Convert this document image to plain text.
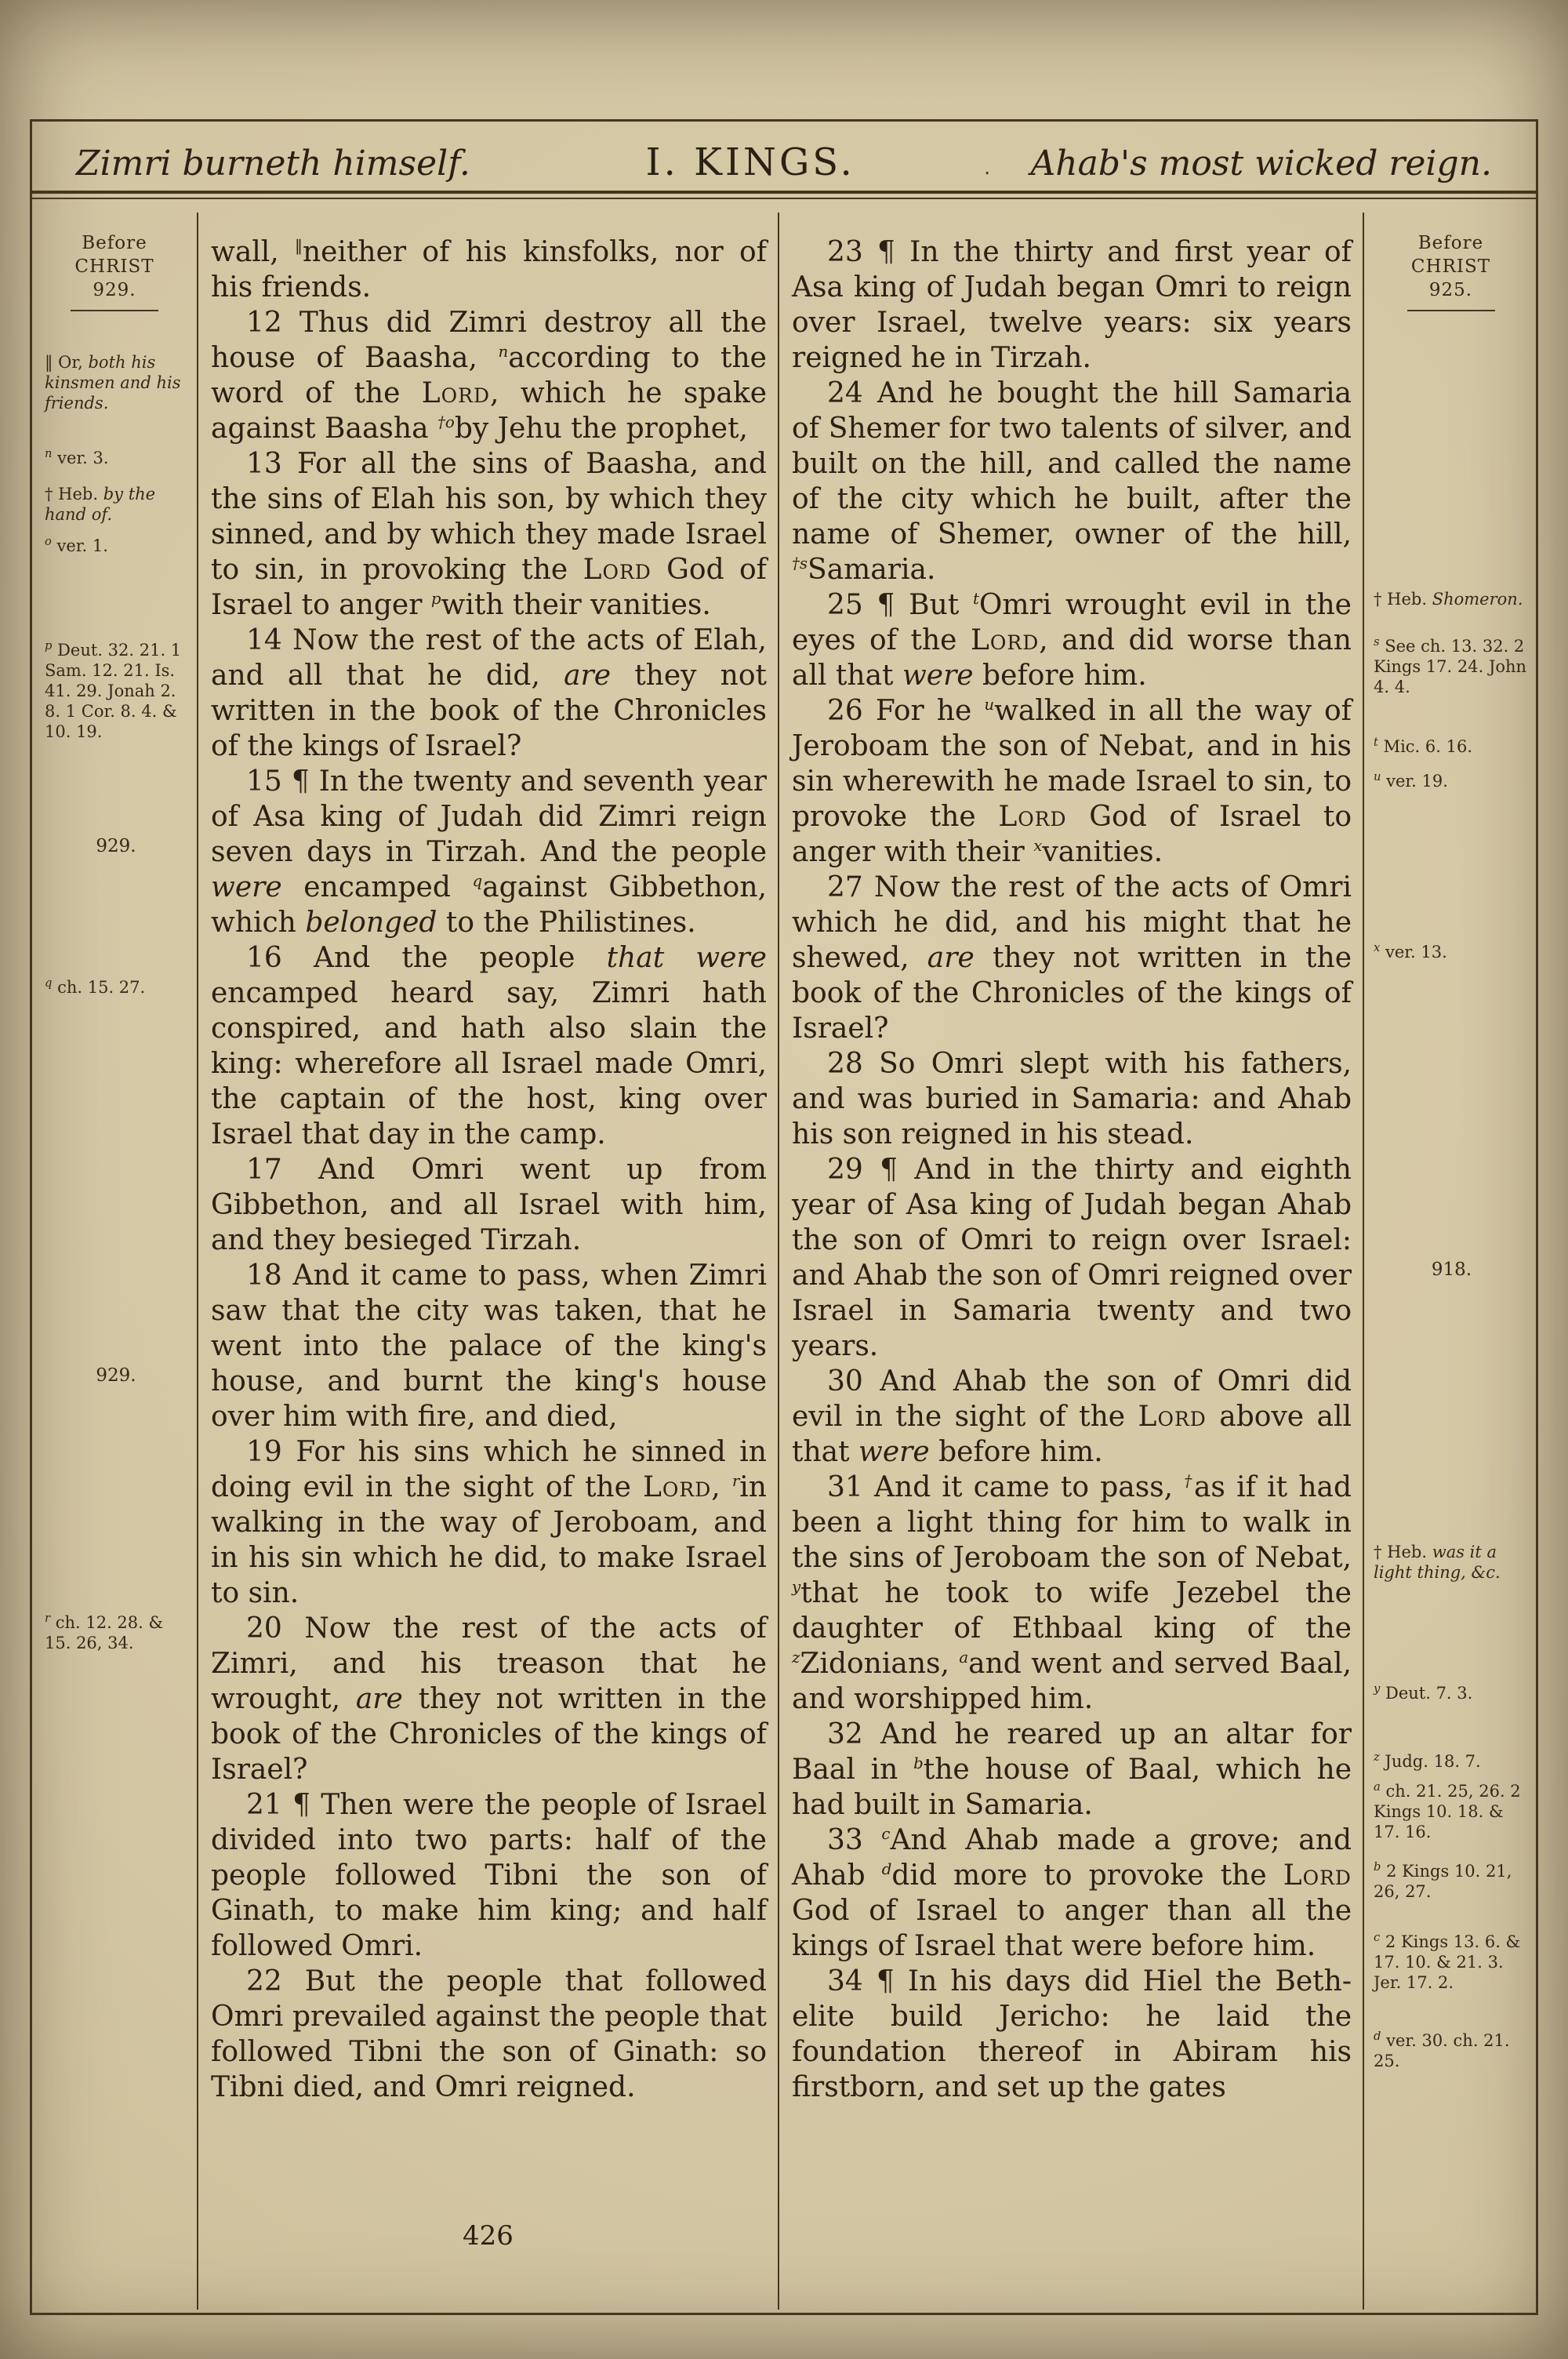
Zimri burneth himself.	I. KINGS.	Ahab's most wicked reign.
‧
Before
CHRIST
929.
‖ Or, both his kinsmen and his friends.
$^n$ ver. 3.
† Heb. by the hand of.
$^o$ ver. 1.
$^p$ Deut. 32. 21. 1 Sam. 12. 21. Is. 41. 29. Jonah 2. 8. 1 Cor. 8. 4. & 10. 19.
929.
$^q$ ch. 15. 27.
929.
$^r$ ch. 12. 28. & 15. 26, 34.

wall, ‖neither of his kinsfolks, nor of his friends.

12 Thus did Zimri destroy all the house of Baasha, $^n$according to the word of the Lord, which he spake against Baasha $^{\dagger o}$by Jehu the prophet,

13 For all the sins of Baasha, and the sins of Elah his son, by which they sinned, and by which they made Israel to sin, in provoking the Lord God of Israel to anger $^p$with their vanities.

14 Now the rest of the acts of Elah, and all that he did, are they not written in the book of the Chronicles of the kings of Israel?

15 ¶ In the twenty and seventh year of Asa king of Judah did Zimri reign seven days in Tirzah. And the people were encamped $^q$against Gibbethon, which belonged to the Philistines.

16 And the people that were encamped heard say, Zimri hath conspired, and hath also slain the king: wherefore all Israel made Omri, the captain of the host, king over Israel that day in the camp.

17 And Omri went up from Gibbethon, and all Israel with him, and they besieged Tirzah.

18 And it came to pass, when Zimri saw that the city was taken, that he went into the palace of the king's house, and burnt the king's house over him with fire, and died,

19 For his sins which he sinned in doing evil in the sight of the Lord, $^r$in walking in the way of Jeroboam, and in his sin which he did, to make Israel to sin.

20 Now the rest of the acts of Zimri, and his treason that he wrought, are they not written in the book of the Chronicles of the kings of Israel?

21 ¶ Then were the people of Israel divided into two parts: half of the people followed Tibni the son of Ginath, to make him king; and half followed Omri.

22 But the people that followed Omri prevailed against the people that followed Tibni the son of Ginath: so Tibni died, and Omri reigned.

23 ¶ In the thirty and first year of Asa king of Judah began Omri to reign over Israel, twelve years: six years reigned he in Tirzah.

24 And he bought the hill Samaria of Shemer for two talents of silver, and built on the hill, and called the name of the city which he built, after the name of Shemer, owner of the hill, $^{\dagger s}$Samaria.

25 ¶ But $^t$Omri wrought evil in the eyes of the Lord, and did worse than all that were before him.

26 For he $^u$walked in all the way of Jeroboam the son of Nebat, and in his sin wherewith he made Israel to sin, to provoke the Lord God of Israel to anger with their $^x$vanities.

27 Now the rest of the acts of Omri which he did, and his might that he shewed, are they not written in the book of the Chronicles of the kings of Israel?

28 So Omri slept with his fathers, and was buried in Samaria: and Ahab his son reigned in his stead.

29 ¶ And in the thirty and eighth year of Asa king of Judah began Ahab the son of Omri to reign over Israel: and Ahab the son of Omri reigned over Israel in Samaria twenty and two years.

30 And Ahab the son of Omri did evil in the sight of the Lord above all that were before him.

31 And it came to pass, †as if it had been a light thing for him to walk in the sins of Jeroboam the son of Nebat, $^y$that he took to wife Jezebel the daughter of Ethbaal king of the $^z$Zidonians, $^a$and went and served Baal, and worshipped him.

32 And he reared up an altar for Baal in $^b$the house of Baal, which he had built in Samaria.

33 $^c$And Ahab made a grove; and Ahab $^d$did more to provoke the Lord God of Israel to anger than all the kings of Israel that were before him.

34 ¶ In his days did Hiel the Beth-elite build Jericho: he laid the foundation thereof in Abiram his firstborn, and set up the gates

Before
CHRIST
925.
† Heb. Shomeron.
$^s$ See ch. 13. 32. 2 Kings 17. 24. John 4. 4.
$^t$ Mic. 6. 16.
$^u$ ver. 19.
$^x$ ver. 13.
918.
† Heb. was it a light thing, &c.
$^y$ Deut. 7. 3.
$^z$ Judg. 18. 7.
$^a$ ch. 21. 25, 26. 2 Kings 10. 18. & 17. 16.
$^b$ 2 Kings 10. 21, 26, 27.
$^c$ 2 Kings 13. 6. & 17. 10. & 21. 3. Jer. 17. 2.
$^d$ ver. 30. ch. 21. 25.
426
